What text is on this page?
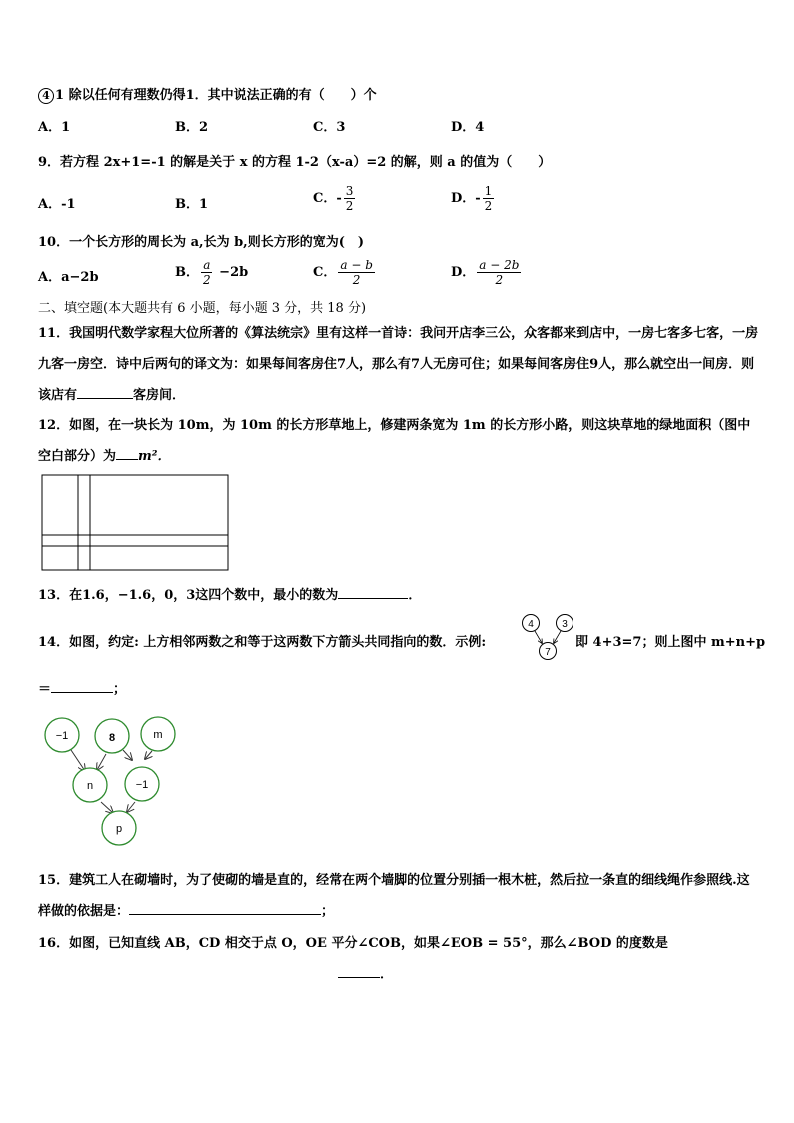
4 1 除以任何有理数仍得1．其中说法正确的有（　　）个
A．1	B．2	C．3	D．4
9．若方程 2x+1=-1 的解是关于 x 的方程 1-2（x-a）=2 的解，则 a 的值为（　　）
A．-1	B．1	C．- $\frac{3}{2}$	D．- $\frac{1}{2}$
10．一个长方形的周长为 a,长为 b,则长方形的宽为(　)
A．a−2b	B． $\frac{a}{2} -2b$	C． $\frac{a - b}{2}$	D． $\frac{a - 2b}{2}$
二、填空题(本大题共有 6 小题，每小题 3 分，共 18 分)
11．我国明代数学家程大位所著的《算法统宗》里有这样一首诗：我问开店李三公，众客都来到店中，一房七客多七客，一房九客一房空．诗中后两句的译文为：如果每间客房住7人，那么有7人无房可住；如果每间客房住9人，那么就空出一间房．则该店有	客房间．
12．如图，在一块长为 10m，为 10m 的长方形草地上，修建两条宽为 1m 的长方形小路，则这块草地的绿地面积（图中空白部分）为 m²．
13．在1.6，−1.6，0，3这四个数中，最小的数为	．
14．如图，约定: 上方相邻两数之和等于这两数下方箭头共同指向的数．示例:
4	3
7
即 4+3=7；则上图中 m+n+p
＝	；
−1	8	m
n	−1
p
15．建筑工人在砌墙时，为了使砌的墙是直的，经常在两个墙脚的位置分别插一根木桩，然后拉一条直的细线绳作参照线.这样做的依据是：	；
16．如图，已知直线 AB，CD 相交于点 O，OE 平分∠COB，如果∠EOB = 55°，那么∠BOD 的度数是．
